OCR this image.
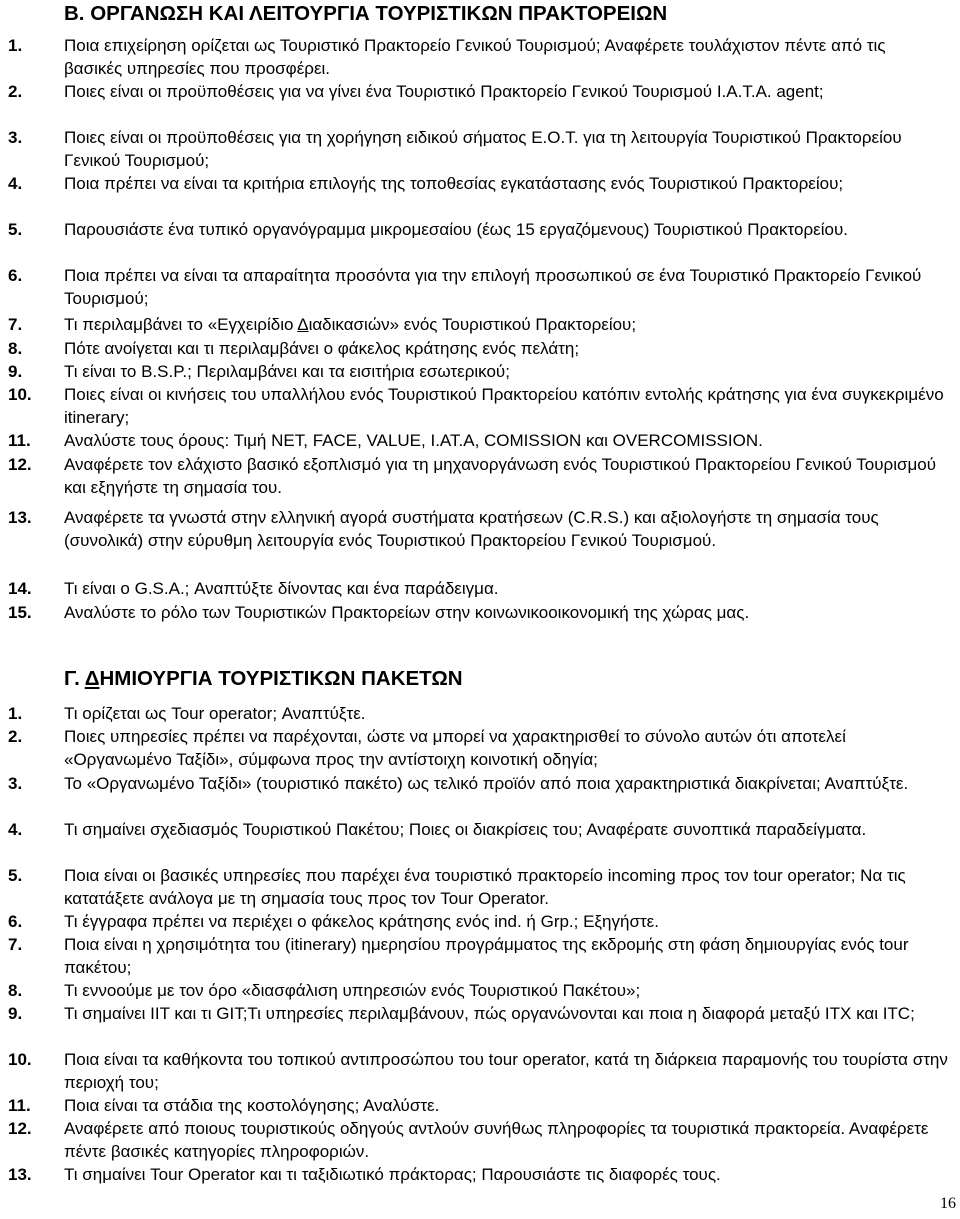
Β. ΟΡΓΑΝΩΣΗ ΚΑΙ ΛΕΙΤΟΥΡΓΙΑ ΤΟΥΡΙΣΤΙΚΩΝ ΠΡΑΚΤΟΡΕΙΩΝ
1.	Ποια επιχείρηση ορίζεται ως Τουριστικό Πρακτορείο Γενικού Τουρισμού; Αναφέρετε τουλάχιστον πέντε από τις βασικές υπηρεσίες που προσφέρει.
2.	Ποιες είναι οι προϋποθέσεις για να γίνει ένα Τουριστικό Πρακτορείο Γενικού Τουρισμού Ι.Α.Τ.Α. agent;
3.	Ποιες είναι οι προϋποθέσεις για τη χορήγηση ειδικού σήματος Ε.Ο.Τ. για τη λειτουργία Τουριστικού Πρακτορείου Γενικού Τουρισμού;
4.	Ποια πρέπει να είναι τα κριτήρια επιλογής της τοποθεσίας εγκατάστασης ενός Τουριστικού Πρακτορείου;
5.	Παρουσιάστε ένα τυπικό οργανόγραμμα μικρομεσαίου (έως 15 εργαζόμενους) Τουριστικού Πρακτορείου.
6.	Ποια πρέπει να είναι τα απαραίτητα προσόντα για την επιλογή προσωπικού σε ένα Τουριστικό Πρακτορείο Γενικού Τουρισμού;
7.	Τι περιλαμβάνει το «Εγχειρίδιο Διαδικασιών» ενός Τουριστικού Πρακτορείου;
8.	Πότε ανοίγεται και τι περιλαμβάνει ο φάκελος κράτησης ενός πελάτη;
9.	Τι είναι το B.S.P.; Περιλαμβάνει και τα εισιτήρια εσωτερικού;
10.	Ποιες είναι οι κινήσεις του υπαλλήλου ενός Τουριστικού Πρακτορείου κατόπιν εντολής κράτησης για ένα συγκεκριμένο itinerary;
11.	Αναλύστε τους όρους: Τιμή ΝΕΤ, FACE, VALUE, Ι.ΑΤ.Α, COMISSION και OVERCOMISSION.
12.	Αναφέρετε τον ελάχιστο βασικό εξοπλισμό για τη μηχανοργάνωση ενός Τουριστικού Πρακτορείου Γενικού Τουρισμού και εξηγήστε τη σημασία του.
13.	Αναφέρετε τα γνωστά στην ελληνική αγορά συστήματα κρατήσεων (C.R.S.) και αξιολογήστε τη σημασία τους (συνολικά) στην εύρυθμη λειτουργία ενός Τουριστικού Πρακτορείου Γενικού Τουρισμού.
14.	Τι είναι ο G.S.A.; Αναπτύξτε δίνοντας και ένα παράδειγμα.
15.	Αναλύστε το ρόλο των Τουριστικών Πρακτορείων στην κοινωνικοοικονομική της χώρας μας.
Γ. ΔΗΜΙΟΥΡΓΙΑ ΤΟΥΡΙΣΤΙΚΩΝ ΠΑΚΕΤΩΝ
1.	Τι ορίζεται ως Tour operator; Αναπτύξτε.
2.	Ποιες υπηρεσίες πρέπει να παρέχονται, ώστε να μπορεί να χαρακτηρισθεί το σύνολο αυτών ότι αποτελεί «Οργανωμένο Ταξίδι», σύμφωνα προς την αντίστοιχη κοινοτική οδηγία;
3.	Το «Οργανωμένο Ταξίδι» (τουριστικό πακέτο) ως τελικό προϊόν από ποια χαρακτηριστικά διακρίνεται; Αναπτύξτε.
4.	Τι σημαίνει σχεδιασμός Τουριστικού Πακέτου; Ποιες οι διακρίσεις του; Αναφέρατε συνοπτικά παραδείγματα.
5.	Ποια είναι οι βασικές υπηρεσίες που παρέχει ένα τουριστικό πρακτορείο incoming προς τον tour operator; Να τις κατατάξετε ανάλογα με τη σημασία τους προς τον Tour Operator.
6.	Τι έγγραφα πρέπει να περιέχει ο φάκελος κράτησης ενός ind. ή Grp.; Εξηγήστε.
7.	Ποια είναι η χρησιμότητα του (itinerary) ημερησίου προγράμματος της εκδρομής στη φάση δημιουργίας ενός tour πακέτου;
8.	Τι εννοούμε με τον όρο «διασφάλιση υπηρεσιών ενός Τουριστικού Πακέτου»;
9.	Τι σημαίνει IIT και τι GIT;Τι υπηρεσίες περιλαμβάνουν, πώς οργανώνονται και ποια η διαφορά μεταξύ ITX και ITC;
10.	Ποια είναι τα καθήκοντα του τοπικού αντιπροσώπου του tour operator, κατά τη διάρκεια παραμονής του τουρίστα στην περιοχή του;
11.	Ποια είναι τα στάδια της κοστολόγησης; Αναλύστε.
12.	Αναφέρετε από ποιους τουριστικούς οδηγούς αντλούν συνήθως πληροφορίες τα τουριστικά πρακτορεία. Αναφέρετε πέντε βασικές κατηγορίες πληροφοριών.
13.	Τι σημαίνει Tour Operator και τι ταξιδιωτικό πράκτορας; Παρουσιάστε τις διαφορές τους.
16
